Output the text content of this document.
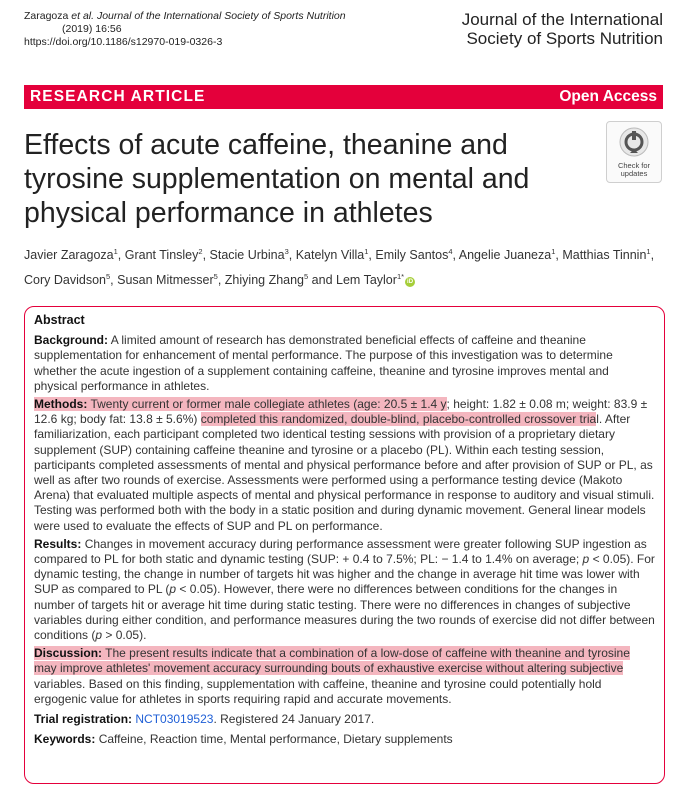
Zaragoza et al. Journal of the International Society of Sports Nutrition
(2019) 16:56
https://doi.org/10.1186/s12970-019-0326-3
Journal of the International
Society of Sports Nutrition
RESEARCH ARTICLE	Open Access
Effects of acute caffeine, theanine and tyrosine supplementation on mental and physical performance in athletes
Check for
updates
Javier Zaragoza$^1$, Grant Tinsley$^2$, Stacie Urbina$^3$, Katelyn Villa$^1$, Emily Santos$^4$, Angelie Juaneza$^1$, Matthias Tinnin$^1$, Cory Davidson$^5$, Susan Mitmesser$^5$, Zhiying Zhang$^5$ and Lem Taylor$^{1*}$iD
Abstract

Background: A limited amount of research has demonstrated beneficial effects of caffeine and theanine supplementation for enhancement of mental performance. The purpose of this investigation was to determine whether the acute ingestion of a supplement containing caffeine, theanine and tyrosine improves mental and physical performance in athletes.

Methods: Twenty current or former male collegiate athletes (age: 20.5 ± 1.4 y; height: 1.82 ± 0.08 m; weight: 83.9 ± 12.6 kg; body fat: 13.8 ± 5.6%) completed this randomized, double-blind, placebo-controlled crossover trial. After familiarization, each participant completed two identical testing sessions with provision of a proprietary dietary supplement (SUP) containing caffeine theanine and tyrosine or a placebo (PL). Within each testing session, participants completed assessments of mental and physical performance before and after provision of SUP or PL, as well as after two rounds of exercise. Assessments were performed using a performance testing device (Makoto Arena) that evaluated multiple aspects of mental and physical performance in response to auditory and visual stimuli. Testing was performed both with the body in a static position and during dynamic movement. General linear models were used to evaluate the effects of SUP and PL on performance.

Results: Changes in movement accuracy during performance assessment were greater following SUP ingestion as compared to PL for both static and dynamic testing (SUP: + 0.4 to 7.5%; PL: − 1.4 to 1.4% on average; p < 0.05). For dynamic testing, the change in number of targets hit was higher and the change in average hit time was lower with SUP as compared to PL (p < 0.05). However, there were no differences between conditions for the changes in number of targets hit or average hit time during static testing. There were no differences in changes of subjective variables during either condition, and performance measures during the two rounds of exercise did not differ between conditions (p > 0.05).

Discussion: The present results indicate that a combination of a low-dose of caffeine with theanine and tyrosine may improve athletes' movement accuracy surrounding bouts of exhaustive exercise without altering subjective variables. Based on this finding, supplementation with caffeine, theanine and tyrosine could potentially hold ergogenic value for athletes in sports requiring rapid and accurate movements.

Trial registration: NCT03019523. Registered 24 January 2017.

Keywords: Caffeine, Reaction time, Mental performance, Dietary supplements
